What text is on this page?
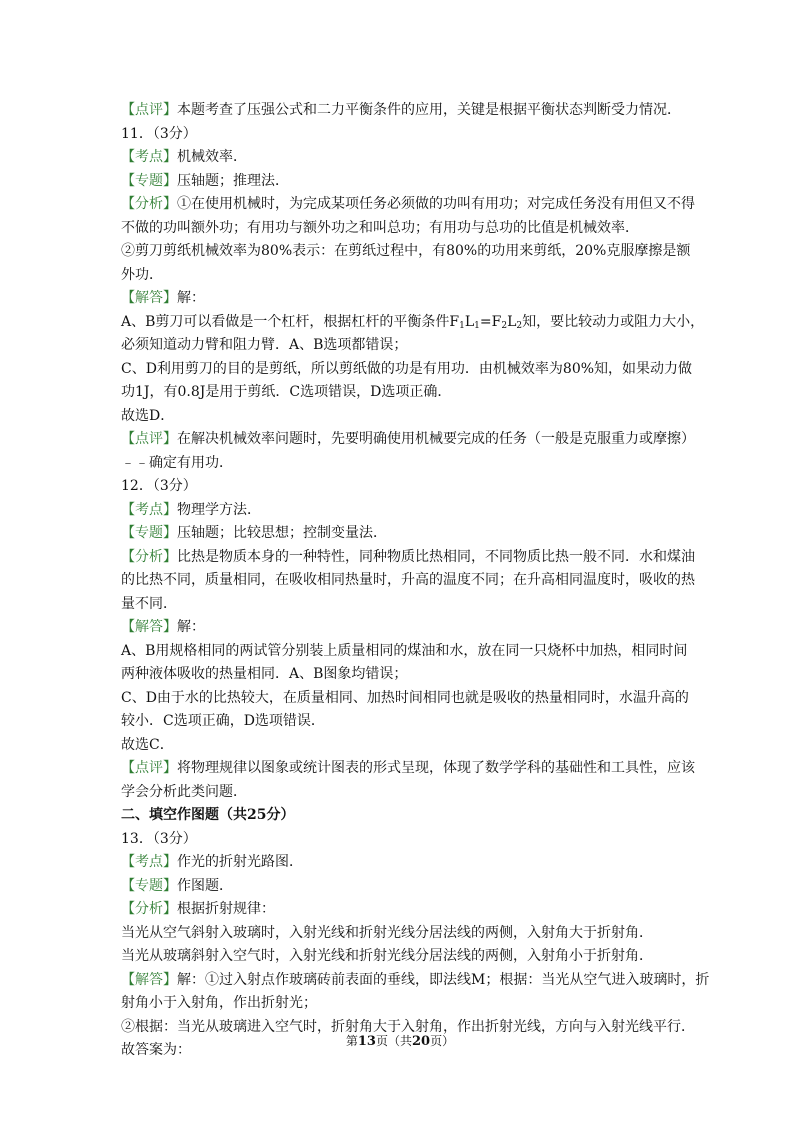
【点评】本题考查了压强公式和二力平衡条件的应用，关键是根据平衡状态判断受力情况．
11．（3分）
【考点】机械效率．
【专题】压轴题；推理法．
【分析】①在使用机械时，为完成某项任务必须做的功叫有用功；对完成任务没有用但又不得
不做的功叫额外功；有用功与额外功之和叫总功；有用功与总功的比值是机械效率．
②剪刀剪纸机械效率为80%表示：在剪纸过程中，有80%的功用来剪纸，20%克服摩擦是额
外功．
【解答】解：
A、B剪刀可以看做是一个杠杆，根据杠杆的平衡条件$F_1L_1=F_2L_2$知，要比较动力或阻力大小，
必须知道动力臂和阻力臂．A、B选项都错误；
C、D利用剪刀的目的是剪纸，所以剪纸做的功是有用功．由机械效率为80%知，如果动力做
功1J，有0.8J是用于剪纸．C选项错误，D选项正确．
故选D．
【点评】在解决机械效率问题时，先要明确使用机械要完成的任务（一般是克服重力或摩擦）
﹣﹣确定有用功．
12．（3分）
【考点】物理学方法．
【专题】压轴题；比较思想；控制变量法．
【分析】比热是物质本身的一种特性，同种物质比热相同，不同物质比热一般不同．水和煤油
的比热不同，质量相同，在吸收相同热量时，升高的温度不同；在升高相同温度时，吸收的热
量不同．
【解答】解：
A、B用规格相同的两试管分别装上质量相同的煤油和水，放在同一只烧杯中加热，相同时间
两种液体吸收的热量相同．A、B图象均错误；
C、D由于水的比热较大，在质量相同、加热时间相同也就是吸收的热量相同时，水温升高的
较小．C选项正确，D选项错误．
故选C．
【点评】将物理规律以图象或统计图表的形式呈现，体现了数学学科的基础性和工具性，应该
学会分析此类问题．
二、填空作图题（共25分）
13．（3分）
【考点】作光的折射光路图．
【专题】作图题．
【分析】根据折射规律：
当光从空气斜射入玻璃时，入射光线和折射光线分居法线的两侧，入射角大于折射角．
当光从玻璃斜射入空气时，入射光线和折射光线分居法线的两侧，入射角小于折射角．
【解答】解：①过入射点作玻璃砖前表面的垂线，即法线M；根据：当光从空气进入玻璃时，折
射角小于入射角，作出折射光；
②根据：当光从玻璃进入空气时，折射角大于入射角，作出折射光线，方向与入射光线平行．
故答案为：
第13页（共20页）
